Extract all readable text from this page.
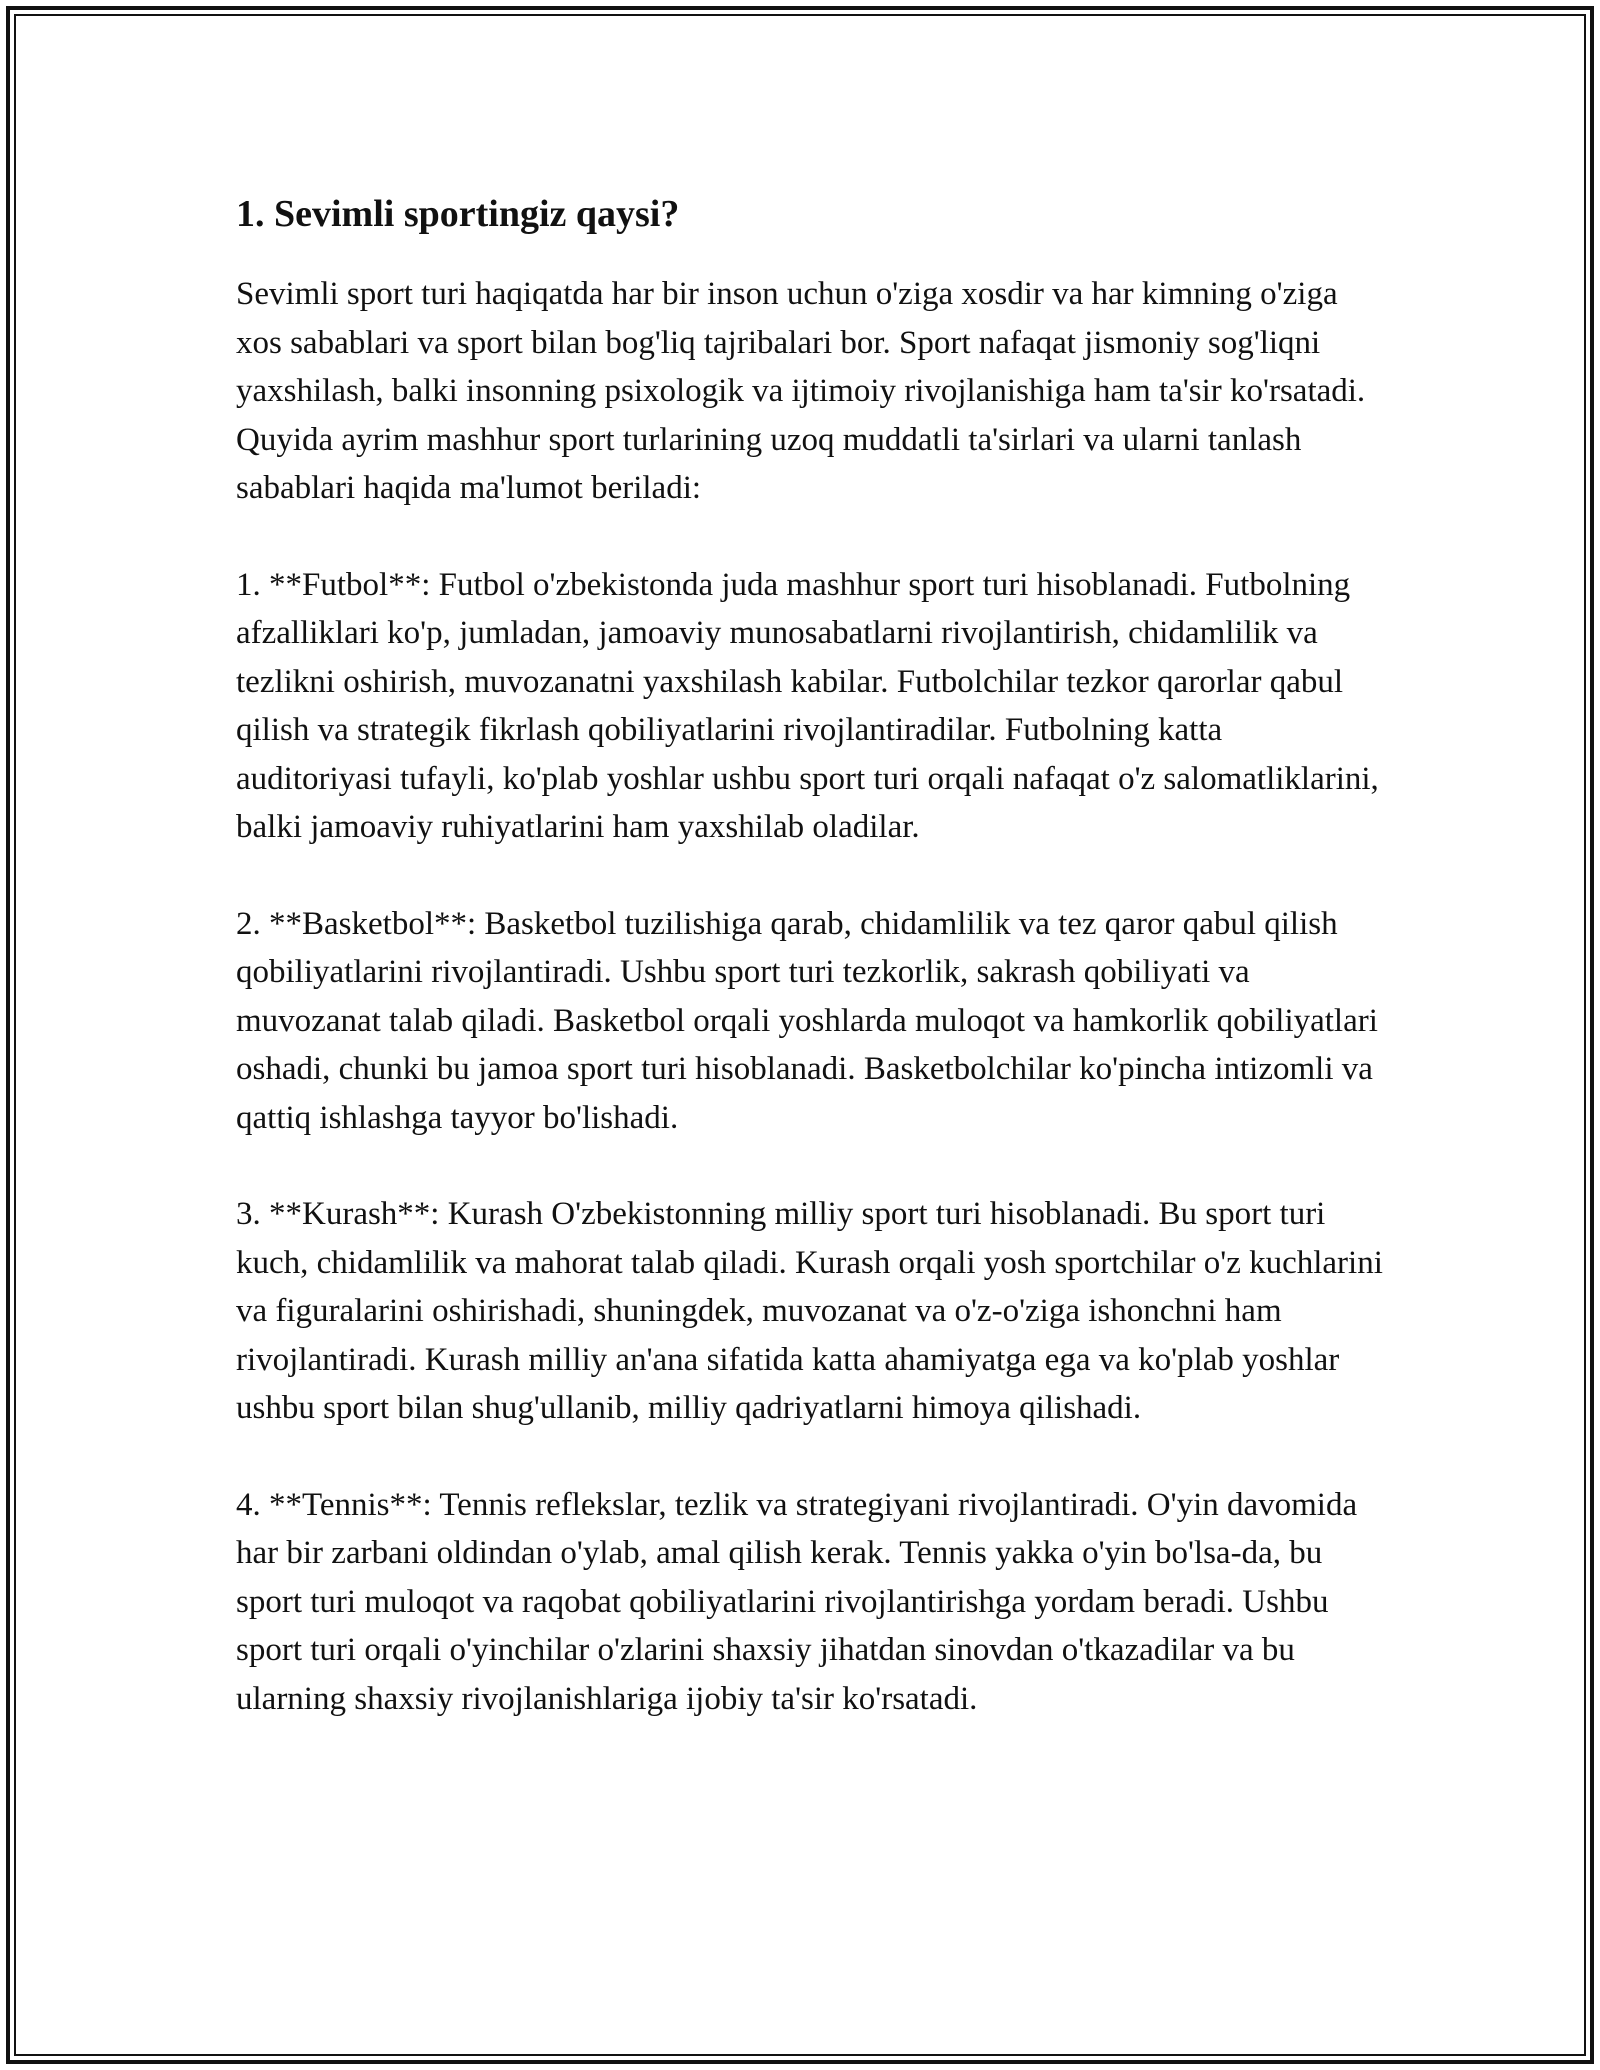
1. Sevimli sportingiz qaysi?

Sevimli sport turi haqiqatda har bir inson uchun o'ziga xosdir va har kimning o'ziga xos sabablari va sport bilan bog'liq tajribalari bor. Sport nafaqat jismoniy sog'liqni yaxshilash, balki insonning psixologik va ijtimoiy rivojlanishiga ham ta'sir ko'rsatadi. Quyida ayrim mashhur sport turlarining uzoq muddatli ta'sirlari va ularni tanlash sabablari haqida ma'lumot beriladi:

1. **Futbol**: Futbol o'zbekistonda juda mashhur sport turi hisoblanadi. Futbolning afzalliklari ko'p, jumladan, jamoaviy munosabatlarni rivojlantirish, chidamlilik va tezlikni oshirish, muvozanatni yaxshilash kabilar. Futbolchilar tezkor qarorlar qabul qilish va strategik fikrlash qobiliyatlarini rivojlantiradilar. Futbolning katta auditoriyasi tufayli, ko'plab yoshlar ushbu sport turi orqali nafaqat o'z salomatliklarini, balki jamoaviy ruhiyatlarini ham yaxshilab oladilar.

2. **Basketbol**: Basketbol tuzilishiga qarab, chidamlilik va tez qaror qabul qilish qobiliyatlarini rivojlantiradi. Ushbu sport turi tezkorlik, sakrash qobiliyati va muvozanat talab qiladi. Basketbol orqali yoshlarda muloqot va hamkorlik qobiliyatlari oshadi, chunki bu jamoa sport turi hisoblanadi. Basketbolchilar ko'pincha intizomli va qattiq ishlashga tayyor bo'lishadi.

3. **Kurash**: Kurash O'zbekistonning milliy sport turi hisoblanadi. Bu sport turi kuch, chidamlilik va mahorat talab qiladi. Kurash orqali yosh sportchilar o'z kuchlarini va figuralarini oshirishadi, shuningdek, muvozanat va o'z-o'ziga ishonchni ham rivojlantiradi. Kurash milliy an'ana sifatida katta ahamiyatga ega va ko'plab yoshlar ushbu sport bilan shug'ullanib, milliy qadriyatlarni himoya qilishadi.

4. **Tennis**: Tennis reflekslar, tezlik va strategiyani rivojlantiradi. O'yin davomida har bir zarbani oldindan o'ylab, amal qilish kerak. Tennis yakka o'yin bo'lsa-da, bu sport turi muloqot va raqobat qobiliyatlarini rivojlantirishga yordam beradi. Ushbu sport turi orqali o'yinchilar o'zlarini shaxsiy jihatdan sinovdan o'tkazadilar va bu ularning shaxsiy rivojlanishlariga ijobiy ta'sir ko'rsatadi.
